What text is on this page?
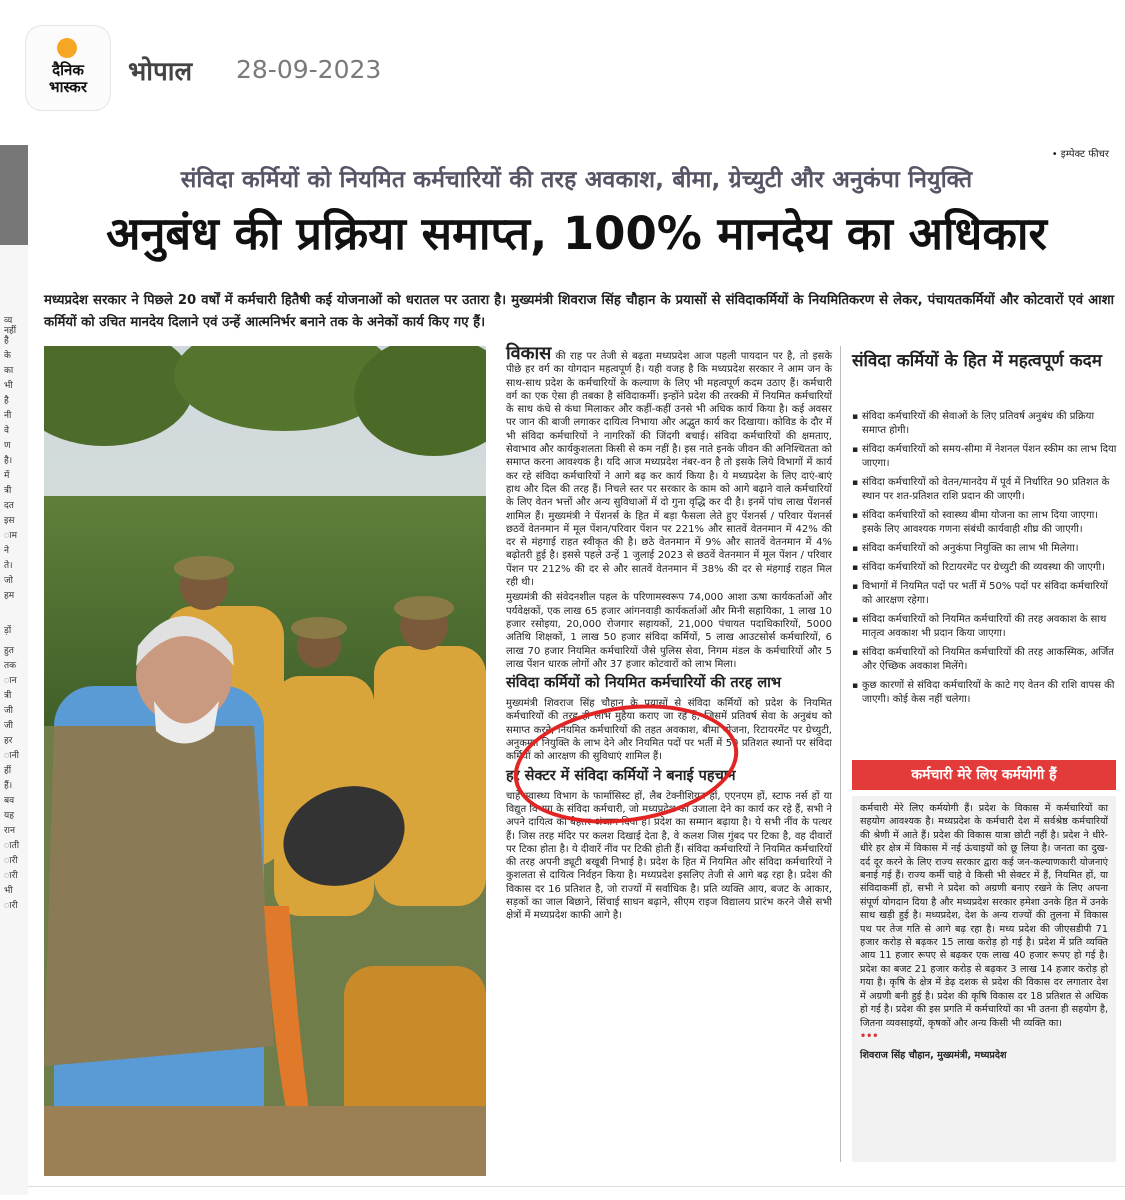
दैनिक
भास्कर	भोपाल 28-09-2023
व्य
नहीं
है
के
का
भी
है
नी
वे
ण
है।
में
त्री
दत
इस
ाम
ने
ते।
जो
हम
ड़ों
हुत
तक
ान
त्री
जी
जी
हर
ानी
हीं
हैं।
बव
यह
रान
ाती
ारी
ारी
भी
ारी
• इम्पेक्ट फीचर
संविदा कर्मियों को नियमित कर्मचारियों की तरह अवकाश, बीमा, ग्रेच्युटी और अनुकंपा नियुक्ति
अनुबंध की प्रक्रिया समाप्त, 100% मानदेय का अधिकार
मध्यप्रदेश सरकार ने पिछले 20 वर्षों में कर्मचारी हितैषी कई योजनाओं को धरातल पर उतारा है। मुख्यमंत्री शिवराज सिंह चौहान के प्रयासों से संविदाकर्मियों के नियमितिकरण से लेकर, पंचायतकर्मियों और कोटवारों एवं आशा कर्मियों को उचित मानदेय दिलाने एवं उन्हें आत्मनिर्भर बनाने तक के अनेकों कार्य किए गए हैं।

विकास की राह पर तेजी से बढ़ता मध्यप्रदेश आज पहली पायदान पर है, तो इसके पीछे हर वर्ग का योगदान महत्वपूर्ण है। यही वजह है कि मध्यप्रदेश सरकार ने आम जन के साथ-साथ प्रदेश के कर्मचारियों के कल्याण के लिए भी महत्वपूर्ण कदम उठाए हैं। कर्मचारी वर्ग का एक ऐसा ही तबका है संविदाकर्मी। इन्होंने प्रदेश की तरक्की में नियमित कर्मचारियों के साथ कंधे से कंधा मिलाकर और कहीं-कहीं उनसे भी अधिक कार्य किया है। कई अवसर पर जान की बाजी लगाकर दायित्व निभाया और अद्भुत कार्य कर दिखाया। कोविड के दौर में भी संविदा कर्मचारियों ने नागरिकों की जिंदगी बचाई। संविदा कर्मचारियों की क्षमताए, सेवाभाव और कार्यकुशलता किसी से कम नहीं है। इस नाते इनके जीवन की अनिश्चितता को समाप्त करना आवश्यक है। यदि आज मध्यप्रदेश नंबर-वन है तो इसके लिये विभागों में कार्य कर रहे संविदा कर्मचारियों ने आगे बढ़ कर कार्य किया है। ये मध्यप्रदेश के लिए दाएं-बाएं हाथ और दिल की तरह हैं। निचले स्तर पर सरकार के काम को आगे बढ़ाने वाले कर्मचारियों के लिए वेतन भत्तों और अन्य सुविधाओं में दो गुना वृद्धि कर दी है। इनमें पांच लाख पेंशनर्स शामिल हैं। मुख्यमंत्री ने पेंशनर्स के हित में बड़ा फैसला लेते हुए पेंशनर्स / परिवार पेंशनर्स छठवें वेतनमान में मूल पेंशन/परिवार पेंशन पर 221% और सातवें वेतनमान में 42% की दर से मंहगाई राहत स्वीकृत की है। छठे वेतनमान में 9% और सातवें वेतनमान में 4% बढ़ोतरी हुई है। इससे पहले उन्हें 1 जुलाई 2023 से छठवें वेतनमान में मूल पेंशन / परिवार पेंशन पर 212% की दर से और सातवें वेतनमान में 38% की दर से मंहगाई राहत मिल रही थी।

मुख्यमंत्री की संवेदनशील पहल के परिणामस्वरूप 74,000 आशा ऊषा कार्यकर्ताओं और पर्यवेक्षकों, एक लाख 65 हजार आंगनवाड़ी कार्यकर्ताओं और मिनी सहायिका, 1 लाख 10 हजार रसोइया, 20,000 रोजगार सहायकों, 21,000 पंचायत पदाधिकारियों, 5000 अतिथि शिक्षकों, 1 लाख 50 हजार संविदा कर्मियों, 5 लाख आउटसोर्स कर्मचारियों, 6 लाख 70 हजार नियमित कर्मचारियों जैसे पुलिस सेवा, निगम मंडल के कर्मचारियों और 5 लाख पेंशन धारक लोगों और 37 हजार कोटवारों को लाभ मिला।

संविदा कर्मियों को नियमित कर्मचारियों की तरह लाभ

मुख्यमंत्री शिवराज सिंह चौहान के प्रयासों से संविदा कर्मियों को प्रदेश के नियमित कर्मचारियों की तरह ही लाभ मुहैया कराए जा रहे हैं, जिसमें प्रतिवर्ष सेवा के अनुबंध को समाप्त करने, नियमित कर्मचारियों की तहत अवकाश, बीमा योजना, रिटायरमेंट पर ग्रेच्युटी, अनुकम्पा नियुक्ति के लाभ देने और नियमित पदों पर भर्ती में 50 प्रतिशत स्थानों पर संविदा कर्मियों को आरक्षण की सुविधाएं शामिल हैं।

हर सेक्टर में संविदा कर्मियों ने बनाई पहचान

चाहे स्वास्थ्य विभाग के फार्मासिस्ट हों, लैब टेक्नीशियन हों, एएनएम हों, स्टाफ नर्स हों या विद्युत विभाग के संविदा कर्मचारी, जो मध्यप्रदेश को उजाला देने का कार्य कर रहे हैं, सभी ने अपने दायित्व को बेहतर अंजाम दिया है। प्रदेश का सम्मान बढ़ाया है। ये सभी नींव के पत्थर हैं। जिस तरह मंदिर पर कलश दिखाई देता है, वे कलश जिस गुंबद पर टिका है, वह दीवारों पर टिका होता है। ये दीवारें नींव पर टिकी होती हैं। संविदा कर्मचारियों ने नियमित कर्मचारियों की तरह अपनी ड्यूटी बखूबी निभाई है। प्रदेश के हित में नियमित और संविदा कर्मचारियों ने कुशलता से दायित्व निर्वहन किया है। मध्यप्रदेश इसलिए तेजी से आगे बढ़ रहा है। प्रदेश की विकास दर 16 प्रतिशत है, जो राज्यों में सर्वाधिक है। प्रति व्यक्ति आय, बजट के आकार, सड़कों का जाल बिछाने, सिंचाई साधन बढ़ाने, सीएम राइज विद्यालय प्रारंभ करने जैसे सभी क्षेत्रों में मध्यप्रदेश काफी आगे है।

संविदा कर्मियों के हित में महत्वपूर्ण कदम
▪ संविदा कर्मचारियों की सेवाओं के लिए प्रतिवर्ष अनुबंध की प्रक्रिया समाप्त होगी।
▪ संविदा कर्मचारियों को समय-सीमा में नेशनल पेंशन स्कीम का लाभ दिया जाएगा।
▪ संविदा कर्मचारियों को वेतन/मानदेय में पूर्व में निर्धारित 90 प्रतिशत के स्थान पर शत-प्रतिशत राशि प्रदान की जाएगी।
▪ संविदा कर्मचारियों को स्वास्थ्य बीमा योजना का लाभ दिया जाएगा। इसके लिए आवश्यक गणना संबंधी कार्यवाही शीघ्र की जाएगी।
▪ संविदा कर्मचारियों को अनुकंपा नियुक्ति का लाभ भी मिलेगा।
▪ संविदा कर्मचारियों को रिटायरमेंट पर ग्रेच्युटी की व्यवस्था की जाएगी।
▪ विभागों में नियमित पदों पर भर्ती में 50% पदों पर संविदा कर्मचारियों को आरक्षण रहेगा।
▪ संविदा कर्मचारियों को नियमित कर्मचारियों की तरह अवकाश के साथ मातृत्व अवकाश भी प्रदान किया जाएगा।
▪ संविदा कर्मचारियों को नियमित कर्मचारियों की तरह आकस्मिक, अर्जित और ऐच्छिक अवकाश मिलेंगे।
▪ कुछ कारणों से संविदा कर्मचारियों के काटे गए वेतन की राशि वापस की जाएगी। कोई केस नहीं चलेगा।
कर्मचारी मेरे लिए कर्मयोगी हैं
कर्मचारी मेरे लिए कर्मयोगी हैं। प्रदेश के विकास में कर्मचारियों का सहयोग आवश्यक है। मध्यप्रदेश के कर्मचारी देश में सर्वश्रेष्ठ कर्मचारियों की श्रेणी में आते हैं। प्रदेश की विकास यात्रा छोटी नहीं है। प्रदेश ने धीरे-धीरे हर क्षेत्र में विकास में नई ऊंचाइयों को छू लिया है। जनता का दुख-दर्द दूर करने के लिए राज्य सरकार द्वारा कई जन-कल्याणकारी योजनाएं बनाई गई हैं। राज्य कर्मी चाहे वे किसी भी सेक्टर में हैं, नियमित हों, या संविदाकर्मी हों, सभी ने प्रदेश को अग्रणी बनाए रखने के लिए अपना संपूर्ण योगदान दिया है और मध्यप्रदेश सरकार हमेशा उनके हित में उनके साथ खड़ी हुई है। मध्यप्रदेश, देश के अन्य राज्यों की तुलना में विकास पथ पर तेज गति से आगे बढ़ रहा है। मध्य प्रदेश की जीएसडीपी 71 हजार करोड़ से बढ़कर 15 लाख करोड़ हो गई है। प्रदेश में प्रति व्यक्ति आय 11 हजार रूपए से बढ़कर एक लाख 40 हजार रूपए हो गई है। प्रदेश का बजट 21 हजार करोड़ से बढ़कर 3 लाख 14 हजार करोड़ हो गया है। कृषि के क्षेत्र में डेढ़ दशक से प्रदेश की विकास दर लगातार देश में अग्रणी बनी हुई है। प्रदेश की कृषि विकास दर 18 प्रतिशत से अधिक हो गई है। प्रदेश की इस प्रगति में कर्मचारियों का भी उतना ही सहयोग है, जितना व्यवसाइयों, कृषकों और अन्य किसी भी व्यक्ति का।
•••
शिवराज सिंह चौहान, मुख्यमंत्री, मध्यप्रदेश
